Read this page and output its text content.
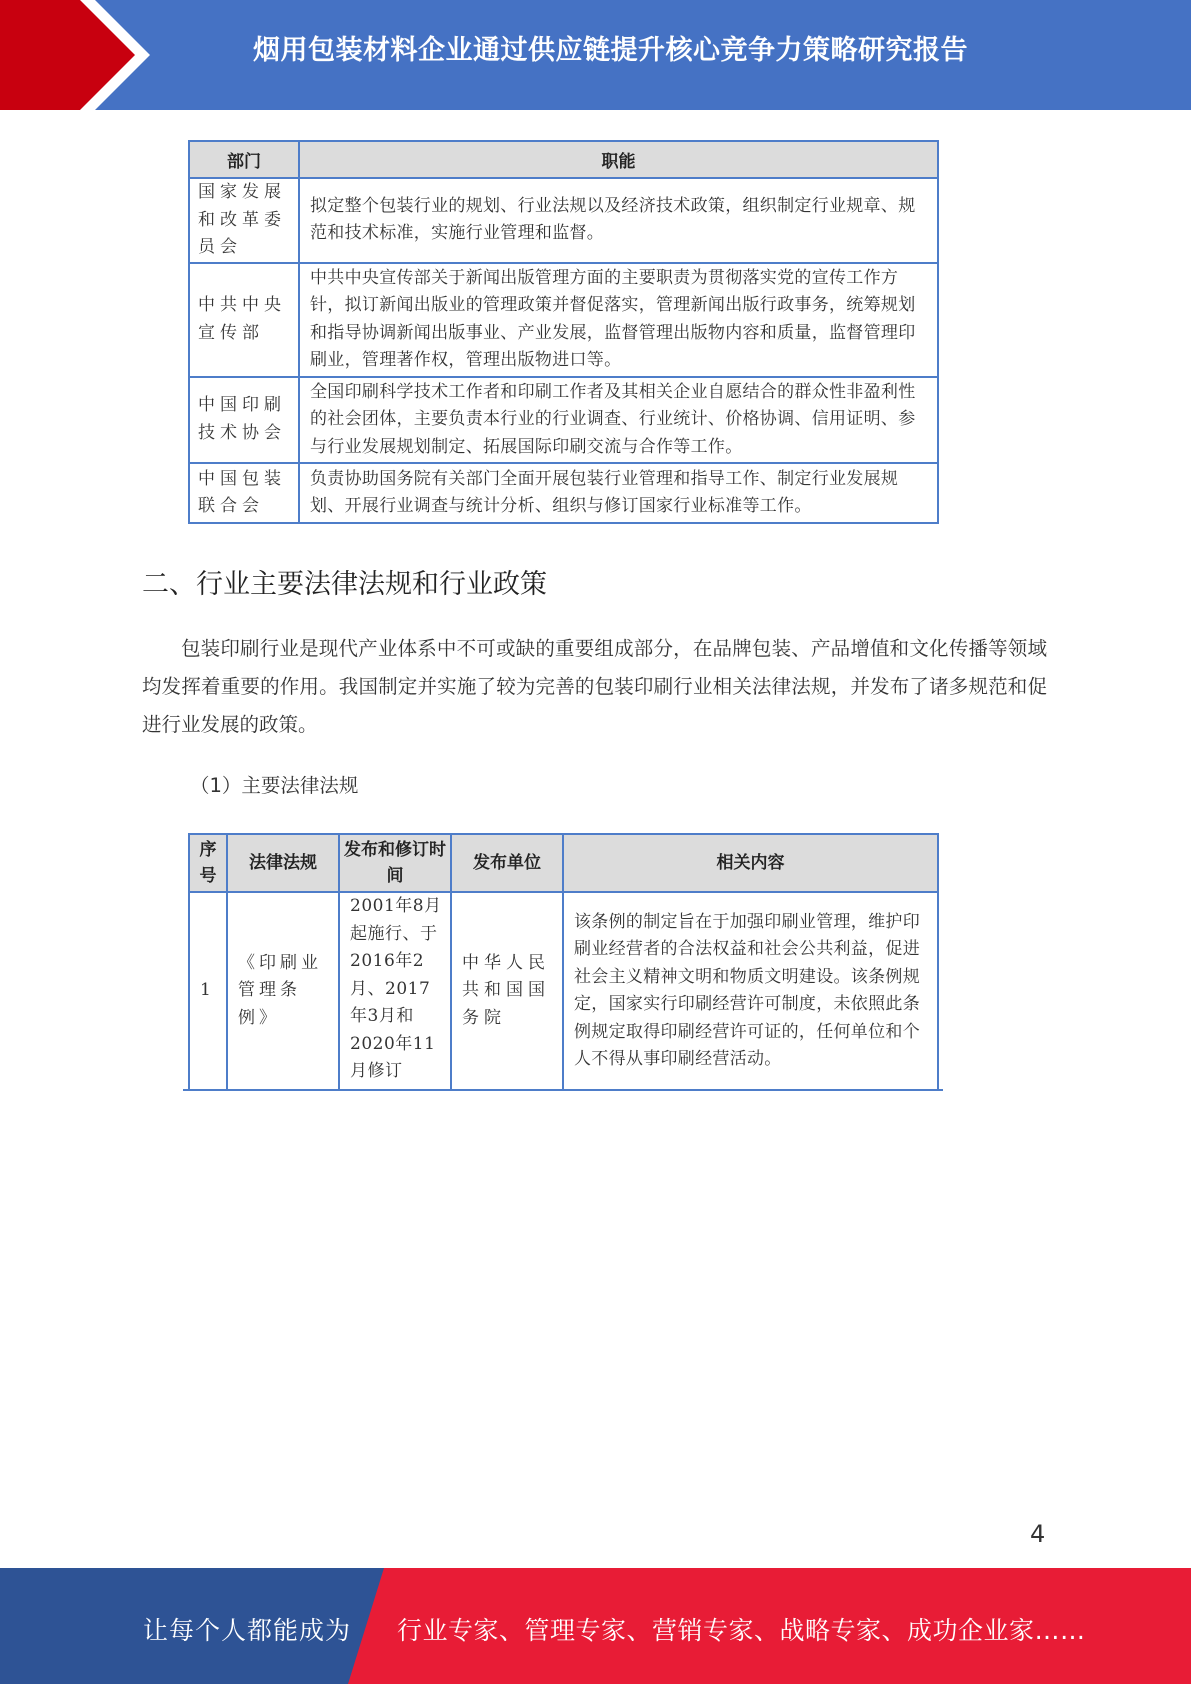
烟用包装材料企业通过供应链提升核心竞争力策略研究报告
部门	职能
国家发展和改革委员会	拟定整个包装行业的规划、行业法规以及经济技术政策，组织制定行业规章、规范和技术标准，实施行业管理和监督。
中共中央宣传部	中共中央宣传部关于新闻出版管理方面的主要职责为贯彻落实党的宣传工作方针，拟订新闻出版业的管理政策并督促落实，管理新闻出版行政事务，统筹规划和指导协调新闻出版事业、产业发展，监督管理出版物内容和质量，监督管理印刷业，管理著作权，管理出版物进口等。
中国印刷技术协会	全国印刷科学技术工作者和印刷工作者及其相关企业自愿结合的群众性非盈利性的社会团体，主要负责本行业的行业调查、行业统计、价格协调、信用证明、参与行业发展规划制定、拓展国际印刷交流与合作等工作。
中国包装联合会	负责协助国务院有关部门全面开展包装行业管理和指导工作、制定行业发展规划、开展行业调查与统计分析、组织与修订国家行业标准等工作。
二、行业主要法律法规和行业政策
包装印刷行业是现代产业体系中不可或缺的重要组成部分，在品牌包装、产品增值和文化传播等领域均发挥着重要的作用。我国制定并实施了较为完善的包装印刷行业相关法律法规，并发布了诸多规范和促进行业发展的政策。
（1）主要法律法规
序号	法律法规	发布和修订时间	发布单位	相关内容
1	《印刷业管理条例》	2001年8月起施行、于2016年2月、2017年3月和2020年11月修订	中华人民共和国国务院	该条例的制定旨在于加强印刷业管理，维护印刷业经营者的合法权益和社会公共利益，促进社会主义精神文明和物质文明建设。该条例规定，国家实行印刷经营许可制度，未依照此条例规定取得印刷经营许可证的，任何单位和个人不得从事印刷经营活动。
4
让每个人都能成为 行业专家、管理专家、营销专家、战略专家、成功企业家……
